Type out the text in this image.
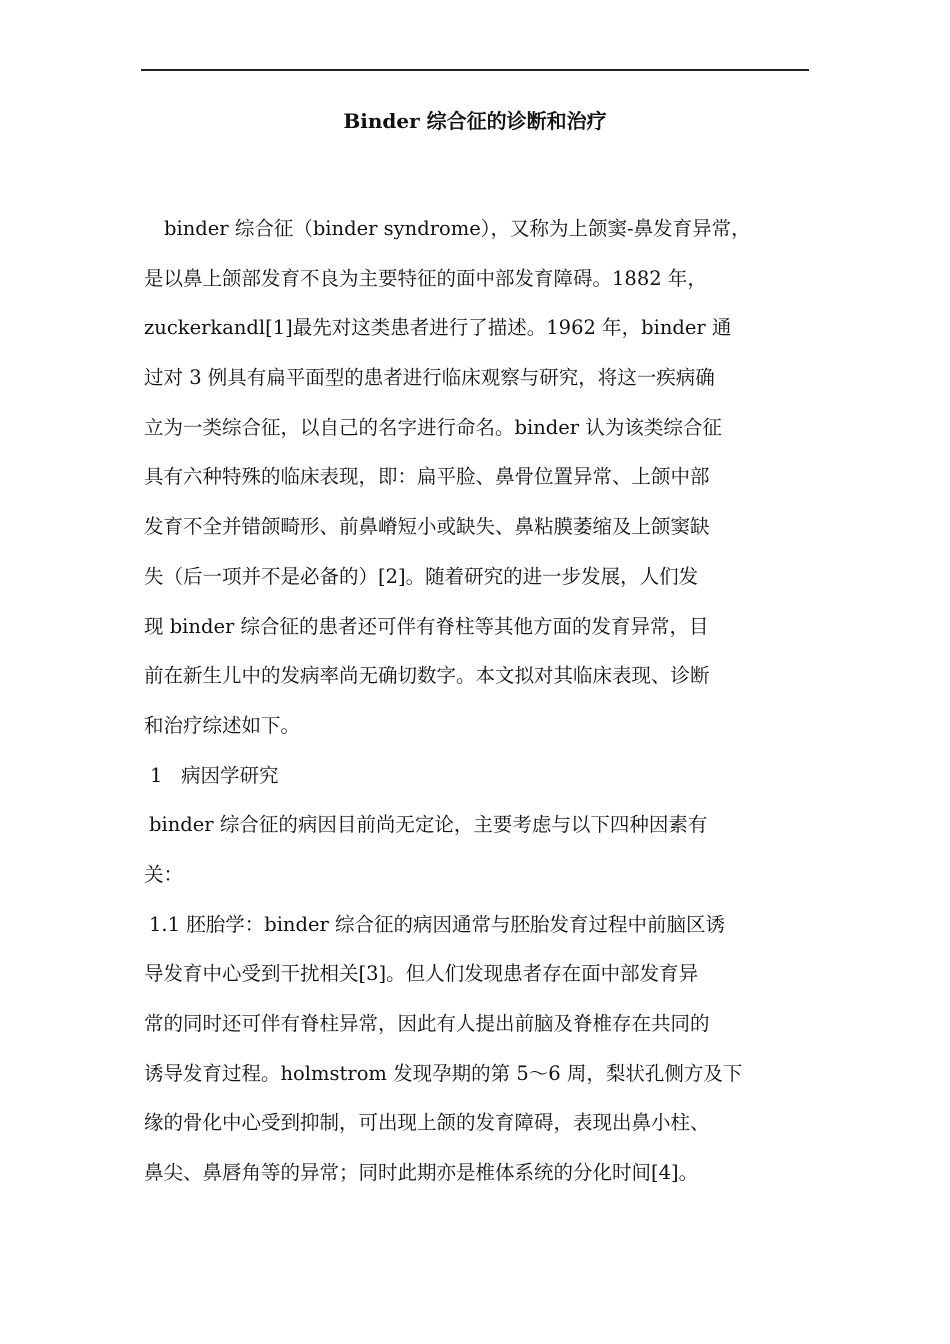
Binder 综合征的诊断和治疗

binder 综合征（binder syndrome），又称为上颌窦-鼻发育异常，
是以鼻上颌部发育不良为主要特征的面中部发育障碍。1882 年，
zuckerkandl[1]最先对这类患者进行了描述。1962 年，binder 通
过对 3 例具有扁平面型的患者进行临床观察与研究，将这一疾病确
立为一类综合征，以自己的名字进行命名。binder 认为该类综合征
具有六种特殊的临床表现，即：扁平脸、鼻骨位置异常、上颌中部
发育不全并错颌畸形、前鼻嵴短小或缺失、鼻粘膜萎缩及上颌窦缺
失（后一项并不是必备的）[2]。随着研究的进一步发展，人们发
现 binder 综合征的患者还可伴有脊柱等其他方面的发育异常，目
前在新生儿中的发病率尚无确切数字。本文拟对其临床表现、诊断
和治疗综述如下。

1   病因学研究

binder 综合征的病因目前尚无定论，主要考虑与以下四种因素有
关：

1.1 胚胎学：binder 综合征的病因通常与胚胎发育过程中前脑区诱
导发育中心受到干扰相关[3]。但人们发现患者存在面中部发育异
常的同时还可伴有脊柱异常，因此有人提出前脑及脊椎存在共同的
诱导发育过程。holmstrom 发现孕期的第 5～6 周，梨状孔侧方及下
缘的骨化中心受到抑制，可出现上颌的发育障碍，表现出鼻小柱、
鼻尖、鼻唇角等的异常；同时此期亦是椎体系统的分化时间[4]。
